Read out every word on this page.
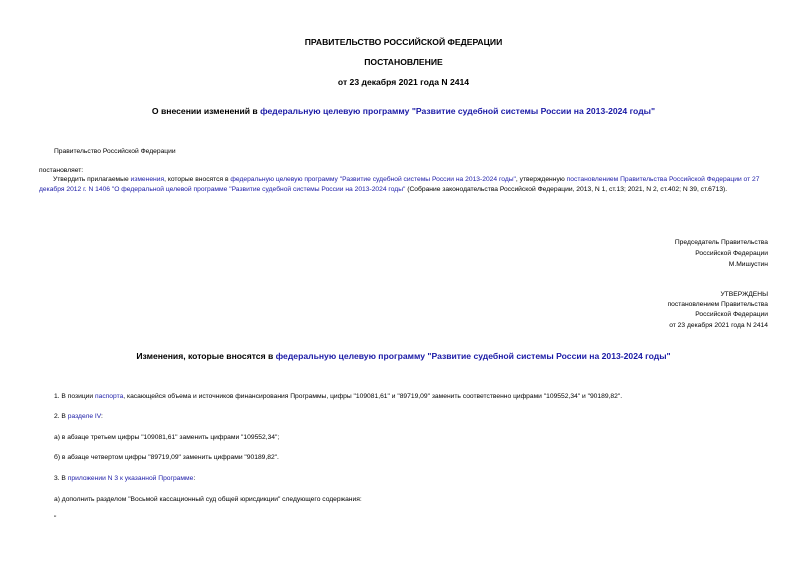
ПРАВИТЕЛЬСТВО РОССИЙСКОЙ ФЕДЕРАЦИИ
ПОСТАНОВЛЕНИЕ
от 23 декабря 2021 года N 2414
О внесении изменений в федеральную целевую программу "Развитие судебной системы России на 2013-2024 годы"
Правительство Российской Федерации
постановляет:
Утвердить прилагаемые изменения, которые вносятся в федеральную целевую программу "Развитие судебной системы России на 2013-2024 годы", утвержденную постановлением Правительства Российской Федерации от 27 декабря 2012 г. N 1406 "О федеральной целевой программе "Развитие судебной системы России на 2013-2024 годы" (Собрание законодательства Российской Федерации, 2013, N 1, ст.13; 2021, N 2, ст.402; N 39, ст.6713).
Председатель Правительства
Российской Федерации
М.Мишустин
УТВЕРЖДЕНЫ
постановлением Правительства
Российской Федерации
от 23 декабря 2021 года N 2414
Изменения, которые вносятся в федеральную целевую программу "Развитие судебной системы России на 2013-2024 годы"
1. В позиции паспорта, касающейся объема и источников финансирования Программы, цифры "109081,61" и "89719,09" заменить соответственно цифрами "109552,34" и "90189,82".
2. В разделе IV:
а) в абзаце третьем цифры "109081,61" заменить цифрами "109552,34";
б) в абзаце четвертом цифры "89719,09" заменить цифрами "90189,82".
3. В приложении N 3 к указанной Программе:
а) дополнить разделом "Восьмой кассационный суд общей юрисдикции" следующего содержания:
"
